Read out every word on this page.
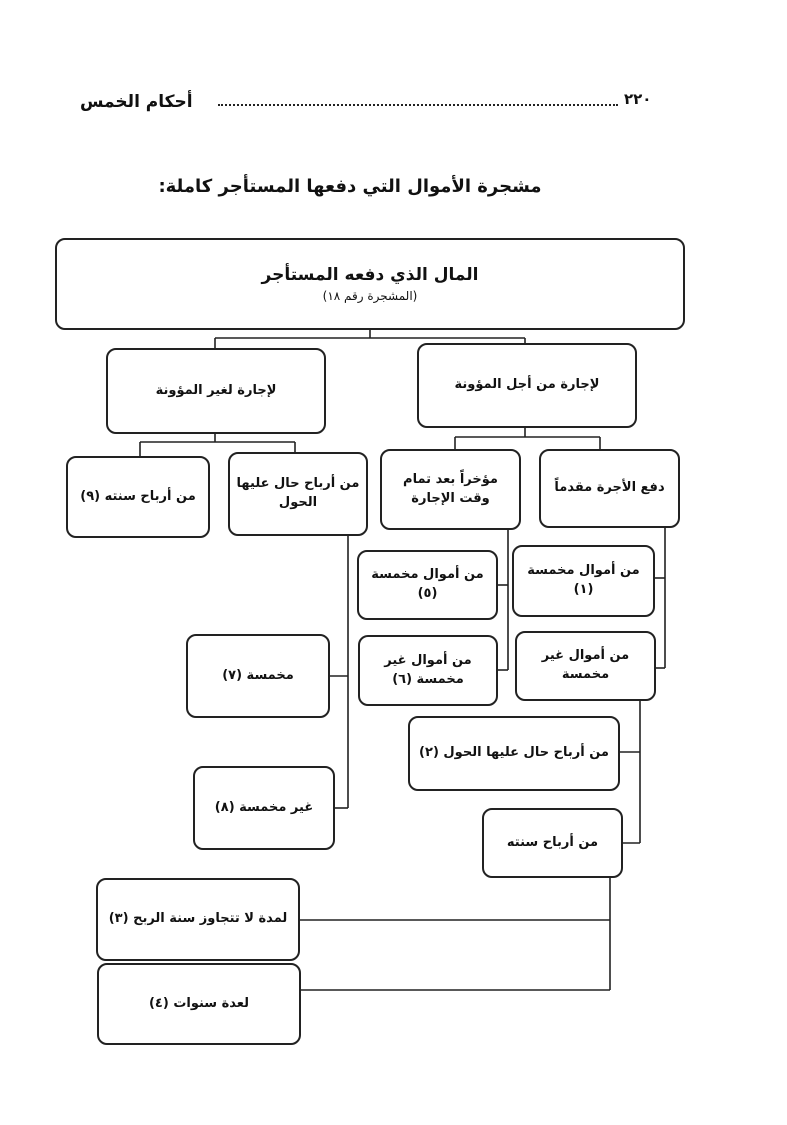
٢٢٠
أحكام الخمس
مشجرة الأموال التي دفعها المستأجر كاملة:
المال الذي دفعه المستأجر
(المشجرة رقم ١٨)
لإجارة من أجل المؤونة
لإجارة لغير المؤونة
دفع الأجرة مقدماً
مؤخراً بعد تمام وقت الإجارة
من أرباح حال عليها الحول
من أرباح سنته (٩)
من أموال مخمسة (١)
من أموال مخمسة (٥)
من أموال غير مخمسة
من أموال غير مخمسة (٦)
مخمسة (٧)
غير مخمسة (٨)
من أرباح حال عليها الحول (٢)
من أرباح سنته
لمدة لا تتجاوز سنة الربح (٣)
لعدة سنوات (٤)
